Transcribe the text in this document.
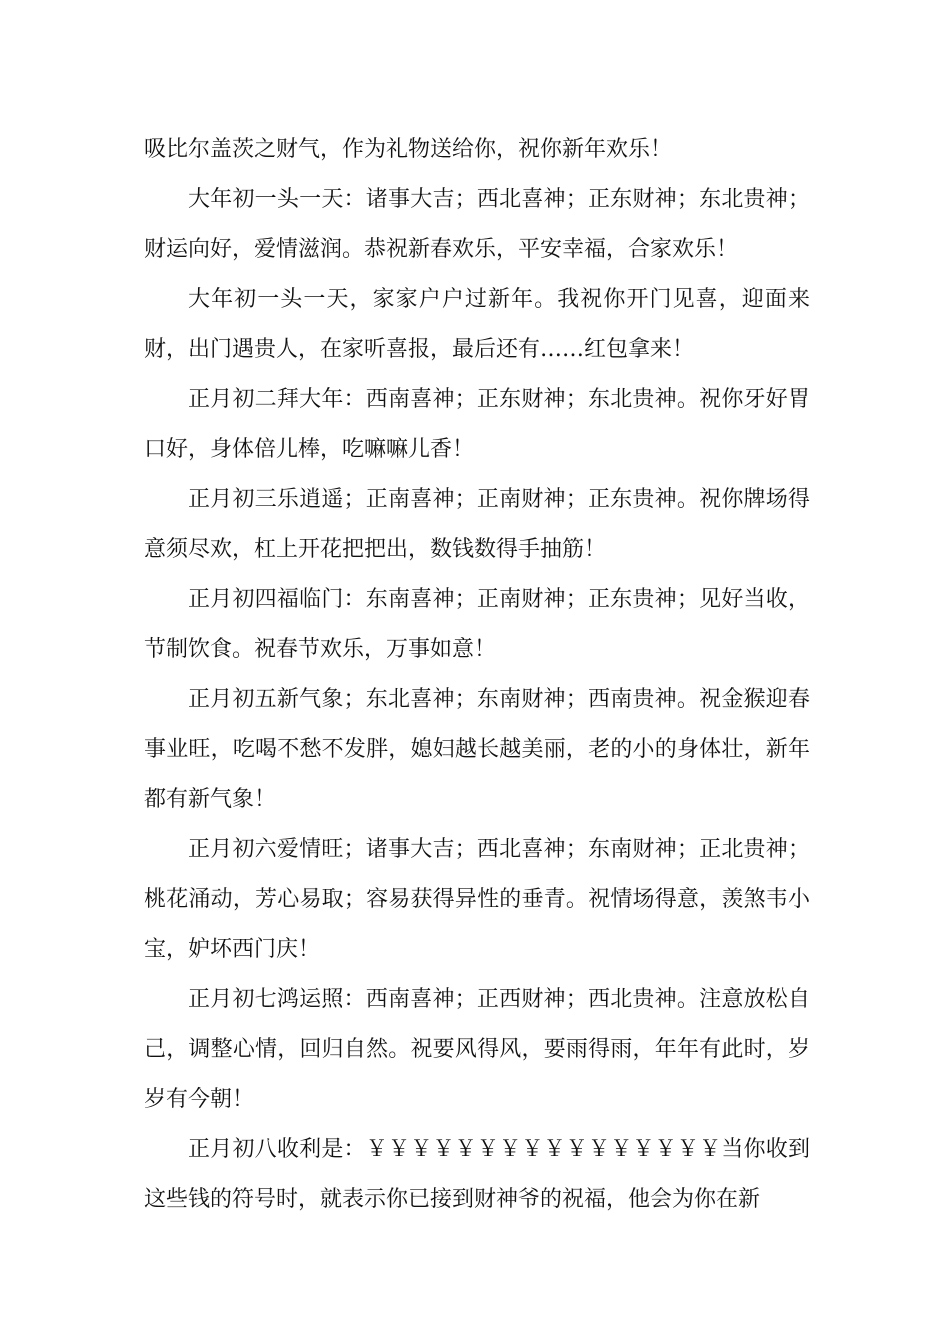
吸比尔盖茨之财气，作为礼物送给你，祝你新年欢乐！

大年初一头一天：诸事大吉；西北喜神；正东财神；东北贵神；财运向好，爱情滋润。恭祝新春欢乐，平安幸福，合家欢乐！

大年初一头一天，家家户户过新年。我祝你开门见喜，迎面来财，出门遇贵人，在家听喜报，最后还有……红包拿来！

正月初二拜大年：西南喜神；正东财神；东北贵神。祝你牙好胃口好，身体倍儿棒，吃嘛嘛儿香！

正月初三乐逍遥；正南喜神；正南财神；正东贵神。祝你牌场得意须尽欢，杠上开花把把出，数钱数得手抽筋！

正月初四福临门：东南喜神；正南财神；正东贵神；见好当收，节制饮食。祝春节欢乐，万事如意！

正月初五新气象；东北喜神；东南财神；西南贵神。祝金猴迎春事业旺，吃喝不愁不发胖，媳妇越长越美丽，老的小的身体壮，新年都有新气象！

正月初六爱情旺；诸事大吉；西北喜神；东南财神；正北贵神；桃花涌动，芳心易取；容易获得异性的垂青。祝情场得意，羡煞韦小宝，妒坏西门庆！

正月初七鸿运照：西南喜神；正西财神；西北贵神。注意放松自己，调整心情，回归自然。祝要风得风，要雨得雨，年年有此时，岁岁有今朝！

正月初八收利是：￥￥￥￥￥￥￥￥￥￥￥￥￥￥￥￥当你收到这些钱的符号时，就表示你已接到财神爷的祝福，他会为你在新
